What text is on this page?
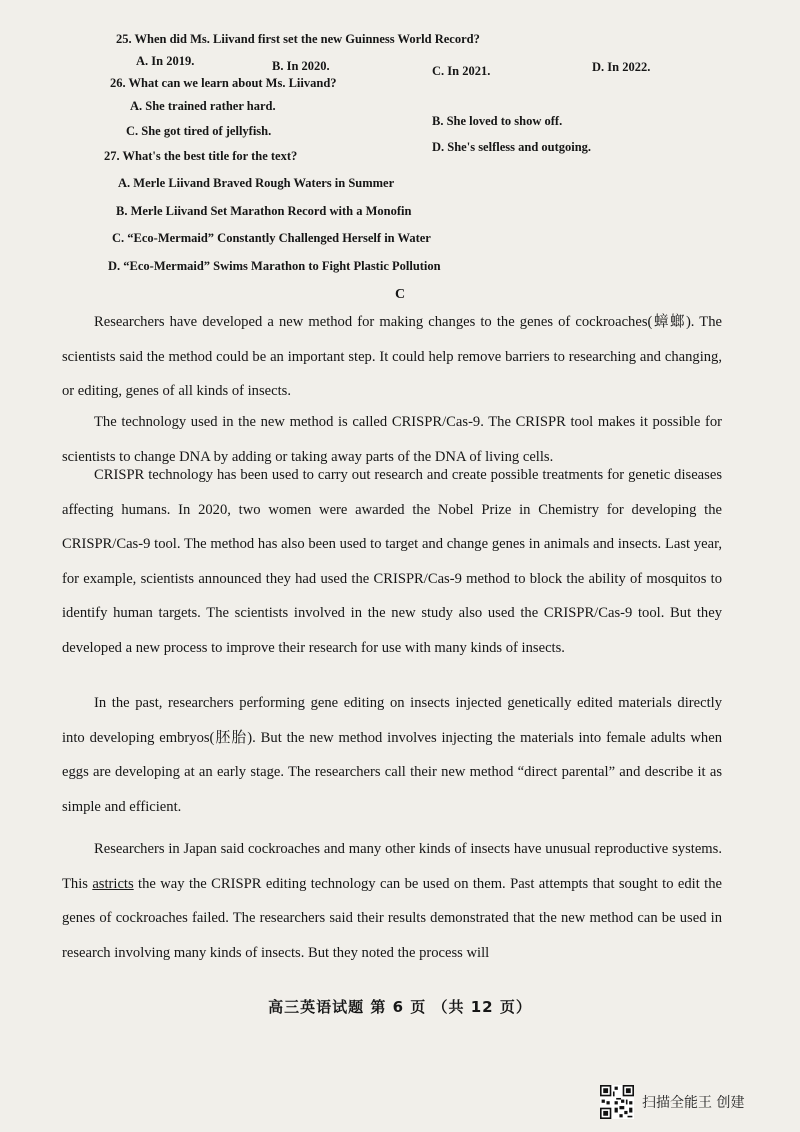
25. When did Ms. Liivand first set the new Guinness World Record?
A. In 2019.	B. In 2020.	C. In 2021.	D. In 2022.
26. What can we learn about Ms. Liivand?
A. She trained rather hard.
B. She loved to show off.
C. She got tired of jellyfish.
D. She's selfless and outgoing.
27. What's the best title for the text?
A. Merle Liivand Braved Rough Waters in Summer
B. Merle Liivand Set Marathon Record with a Monofin
C. “Eco-Mermaid” Constantly Challenged Herself in Water
D. “Eco-Mermaid” Swims Marathon to Fight Plastic Pollution
C
Researchers have developed a new method for making changes to the genes of cockroaches(蟑螂). The scientists said the method could be an important step. It could help remove barriers to researching and changing, or editing, genes of all kinds of insects.
The technology used in the new method is called CRISPR/Cas-9. The CRISPR tool makes it possible for scientists to change DNA by adding or taking away parts of the DNA of living cells.
CRISPR technology has been used to carry out research and create possible treatments for genetic diseases affecting humans. In 2020, two women were awarded the Nobel Prize in Chemistry for developing the CRISPR/Cas-9 tool. The method has also been used to target and change genes in animals and insects. Last year, for example, scientists announced they had used the CRISPR/Cas-9 method to block the ability of mosquitos to identify human targets. The scientists involved in the new study also used the CRISPR/Cas-9 tool. But they developed a new process to improve their research for use with many kinds of insects.
In the past, researchers performing gene editing on insects injected genetically edited materials directly into developing embryos(胚胎). But the new method involves injecting the materials into female adults when eggs are developing at an early stage. The researchers call their new method “direct parental” and describe it as simple and efficient.
Researchers in Japan said cockroaches and many other kinds of insects have unusual reproductive systems. This astricts the way the CRISPR editing technology can be used on them. Past attempts that sought to edit the genes of cockroaches failed. The researchers said their results demonstrated that the new method can be used in research involving many kinds of insects. But they noted the process will
高三英语试题 第 6 页 （共 12 页）
扫描全能王 创建
